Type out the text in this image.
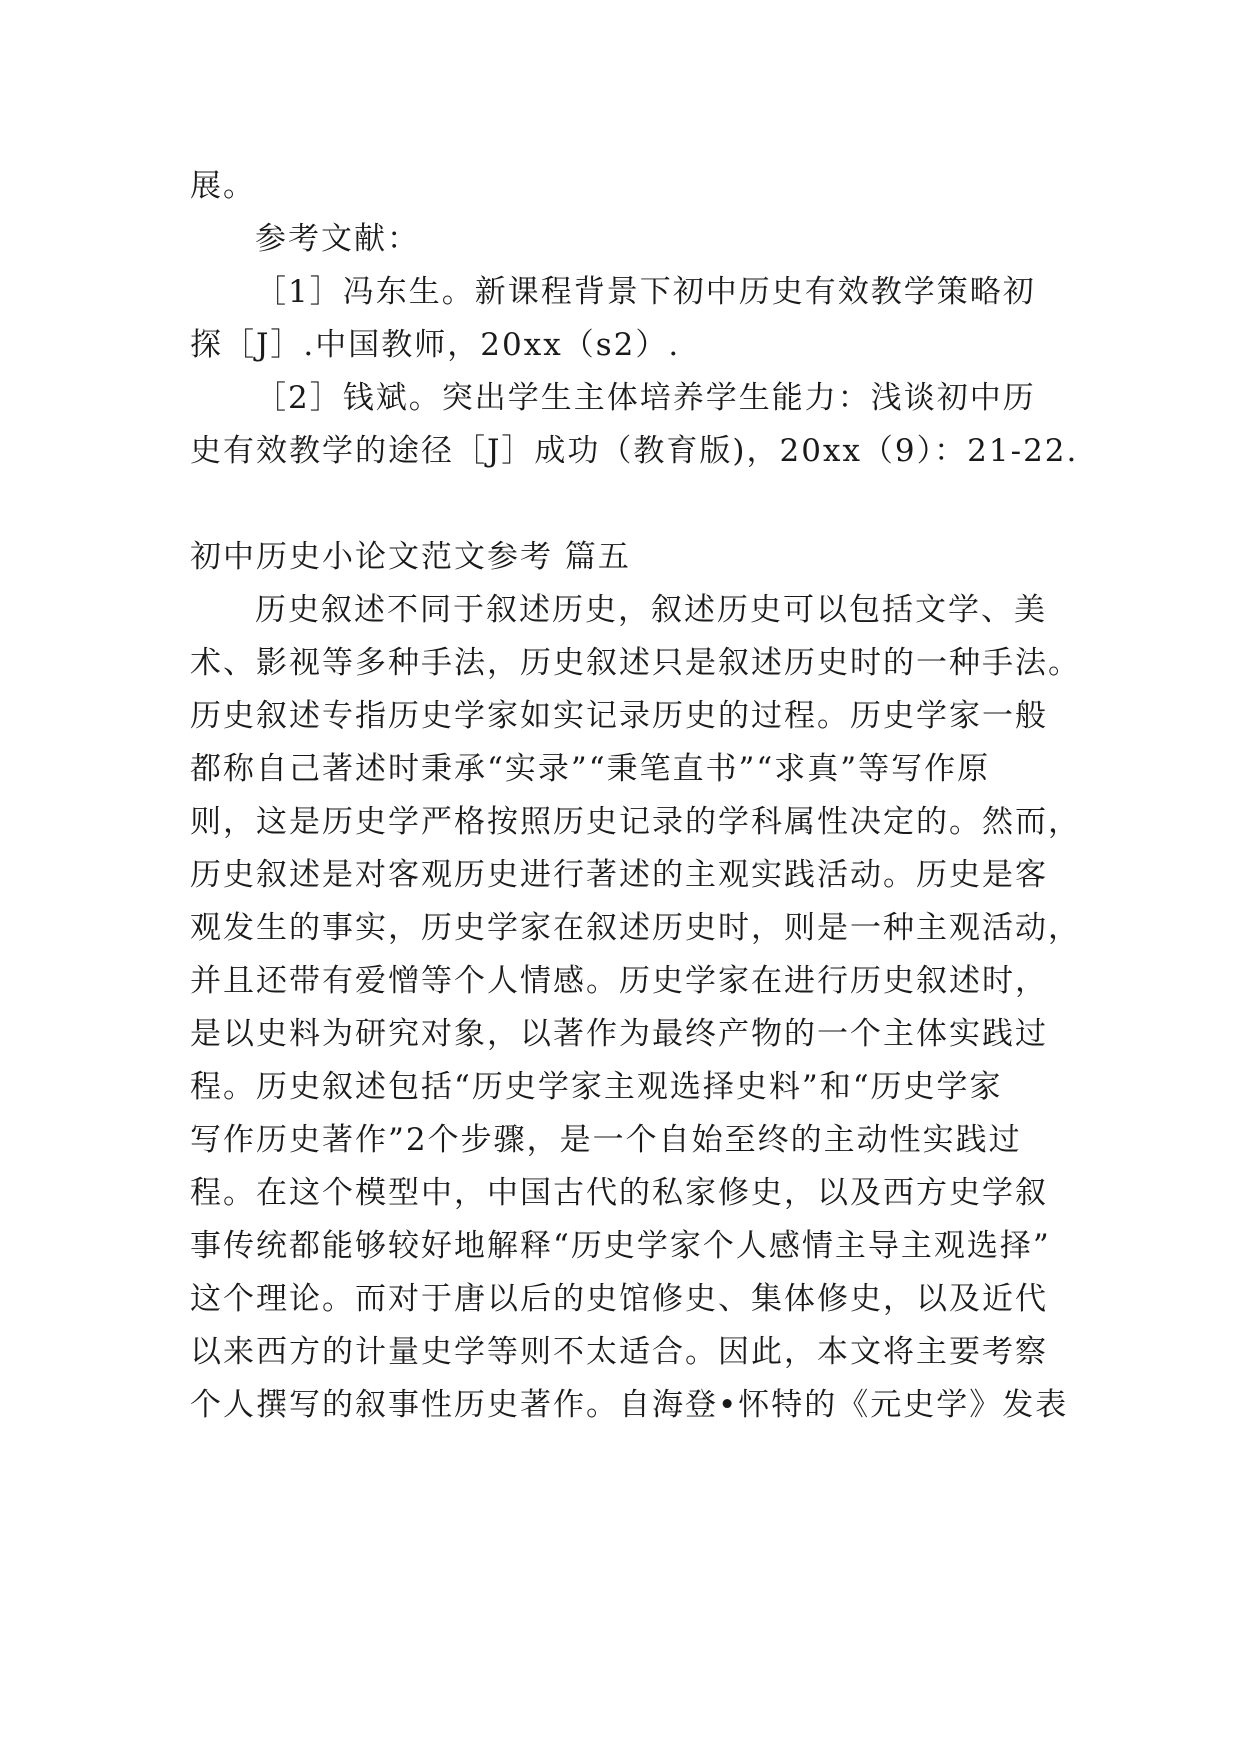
展。
参考文献：
［1］冯东生。新课程背景下初中历史有效教学策略初
探［J］.中国教师，20xx（s2）.
［2］钱斌。突出学生主体培养学生能力：浅谈初中历
史有效教学的途径［J］成功（教育版)，20xx（9）：21-22.
初中历史小论文范文参考 篇五
历史叙述不同于叙述历史，叙述历史可以包括文学、美
术、影视等多种手法，历史叙述只是叙述历史时的一种手法。
历史叙述专指历史学家如实记录历史的过程。历史学家一般
都称自己著述时秉承“实录”“秉笔直书”“求真”等写作原
则，这是历史学严格按照历史记录的学科属性决定的。然而，
历史叙述是对客观历史进行著述的主观实践活动。历史是客
观发生的事实，历史学家在叙述历史时，则是一种主观活动，
并且还带有爱憎等个人情感。历史学家在进行历史叙述时，
是以史料为研究对象，以著作为最终产物的一个主体实践过
程。历史叙述包括“历史学家主观选择史料”和“历史学家
写作历史著作”2个步骤，是一个自始至终的主动性实践过
程。在这个模型中，中国古代的私家修史，以及西方史学叙
事传统都能够较好地解释“历史学家个人感情主导主观选择”
这个理论。而对于唐以后的史馆修史、集体修史，以及近代
以来西方的计量史学等则不太适合。因此，本文将主要考察
个人撰写的叙事性历史著作。自海登•怀特的《元史学》发表
